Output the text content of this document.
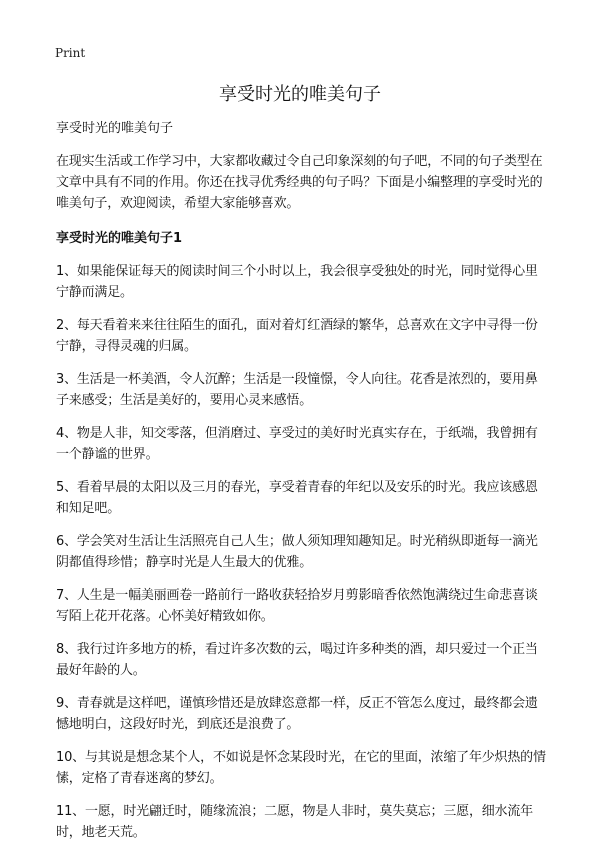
Print
享受时光的唯美句子

享受时光的唯美句子

在现实生活或工作学习中，大家都收藏过令自己印象深刻的句子吧，不同的句子类型在文章中具有不同的作用。你还在找寻优秀经典的句子吗？下面是小编整理的享受时光的唯美句子，欢迎阅读，希望大家能够喜欢。

享受时光的唯美句子1

1、如果能保证每天的阅读时间三个小时以上，我会很享受独处的时光，同时觉得心里宁静而满足。

2、每天看着来来往往陌生的面孔，面对着灯红酒绿的繁华，总喜欢在文字中寻得一份宁静，寻得灵魂的归属。

3、生活是一杯美酒，令人沉醉；生活是一段憧憬，令人向往。花香是浓烈的，要用鼻子来感受；生活是美好的，要用心灵来感悟。

4、物是人非，知交零落，但消磨过、享受过的美好时光真实存在，于纸端，我曾拥有一个静谧的世界。

5、看着早晨的太阳以及三月的春光，享受着青春的年纪以及安乐的时光。我应该感恩和知足吧。

6、学会笑对生活让生活照亮自己人生；做人须知理知趣知足。时光稍纵即逝每一滴光阴都值得珍惜；静享时光是人生最大的优雅。

7、人生是一幅美丽画卷一路前行一路收获轻拾岁月剪影暗香依然饱满绕过生命悲喜谈写陌上花开花落。心怀美好精致如你。

8、我行过许多地方的桥，看过许多次数的云，喝过许多种类的酒，却只爱过一个正当最好年龄的人。

9、青春就是这样吧，谨慎珍惜还是放肆恣意都一样，反正不管怎么度过，最终都会遗憾地明白，这段好时光，到底还是浪费了。

10、与其说是想念某个人，不如说是怀念某段时光，在它的里面，浓缩了年少炽热的情愫，定格了青春迷离的梦幻。

11、一愿，时光翩迁时，随缘流浪；二愿，物是人非时，莫失莫忘；三愿，细水流年时，地老天荒。
